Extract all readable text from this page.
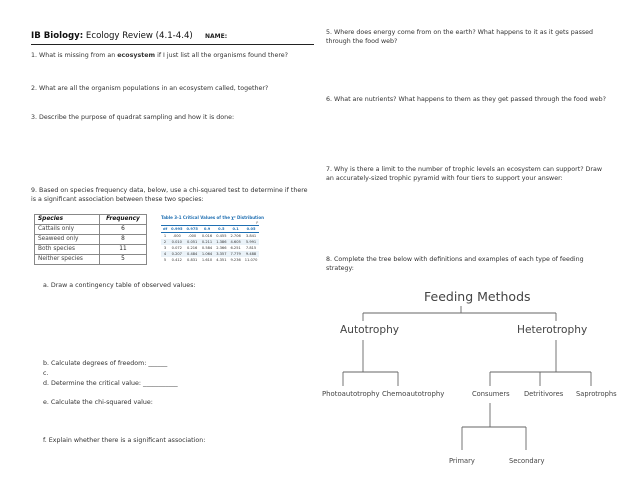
IB Biology: Ecology Review (4.1-4.4) NAME:
1. What is missing from an ecosystem if I just list all the organisms found there?
2. What are all the organism populations in an ecosystem called, together?
3. Describe the purpose of quadrat sampling and how it is done:
9. Based on species frequency data, below, use a chi-squared test to determine if there is a significant association between these two species:
Species	Frequency
Cattails only	6
Seaweed only	8
Both species	11
Neither species	5
Table 3-1 Critical Values of the χ² Distribution
P
df	0.995	0.975	0.9	0.5	0.1	0.05
1	.000	.000	0.016	0.455	2.706	3.841
2	0.010	0.051	0.211	1.386	4.605	5.991
3	0.072	0.216	0.584	2.366	6.251	7.815
4	0.207	0.484	1.064	3.357	7.779	9.488
5	0.412	0.831	1.610	4.351	9.236	11.070
a. Draw a contingency table of observed values:
b. Calculate degrees of freedom: ______
c.
d. Determine the critical value: ___________
e. Calculate the chi-squared value:
f. Explain whether there is a significant association:
5. Where does energy come from on the earth? What happens to it as it gets passed through the food web?
6. What are nutrients? What happens to them as they get passed through the food web?
7. Why is there a limit to the number of trophic levels an ecosystem can support? Draw an accurately-sized trophic pyramid with four tiers to support your answer:
8. Complete the tree below with definitions and examples of each type of feeding strategy:
Feeding Methods
Autotrophy	Heterotrophy
Photoautotrophy Chemoautotrophy	Consumers Detritivores Saprotrophs
Primary	Secondary
